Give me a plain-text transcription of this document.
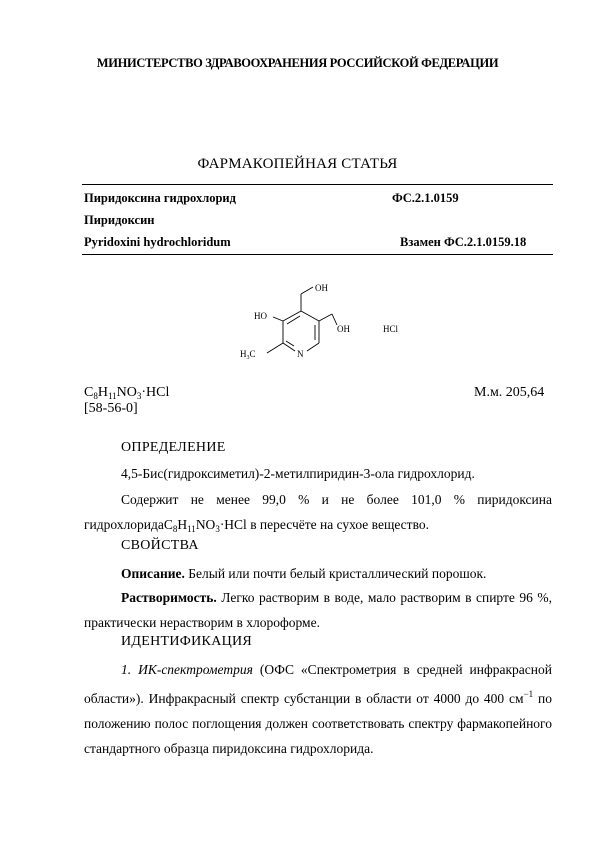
МИНИСТЕРСТВО ЗДРАВООХРАНЕНИЯ РОССИЙСКОЙ ФЕДЕРАЦИИ
ФАРМАКОПЕЙНАЯ СТАТЬЯ
Пиридоксина гидрохлорид	ФС.2.1.0159
Пиридоксин
Pyridoxini hydrochloridum	Взамен ФС.2.1.0159.18
OH
HO
OH	HCl
N
$H_3C$
$C_8H_{11}NO_3\cdot HCl$	М.м. 205,64
[58-56-0]
ОПРЕДЕЛЕНИЕ
4,5-Бис(гидроксиметил)-2-метилпиридин-3-ола гидрохлорид.
Содержит не менее 99,0 % и не более 101,0 % пиридоксина
$гидрохлоридаC_8H_{11}NO_3\cdot HCl$ в пересчёте на сухое вещество.
СВОЙСТВА
Описание. Белый или почти белый кристаллический порошок.
Растворимость. Легко растворим в воде, мало растворим в спирте 96 %, практически нерастворим в хлороформе.
ИДЕНТИФИКАЦИЯ
1. ИК-спектрометрия (ОФС «Спектрометрия в средней инфракрасной области»). Инфракрасный спектр субстанции в области от 4000 до 400 $см^{-1}$ по положению полос поглощения должен соответствовать спектру фармакопейного стандартного образца пиридоксина гидрохлорида.
